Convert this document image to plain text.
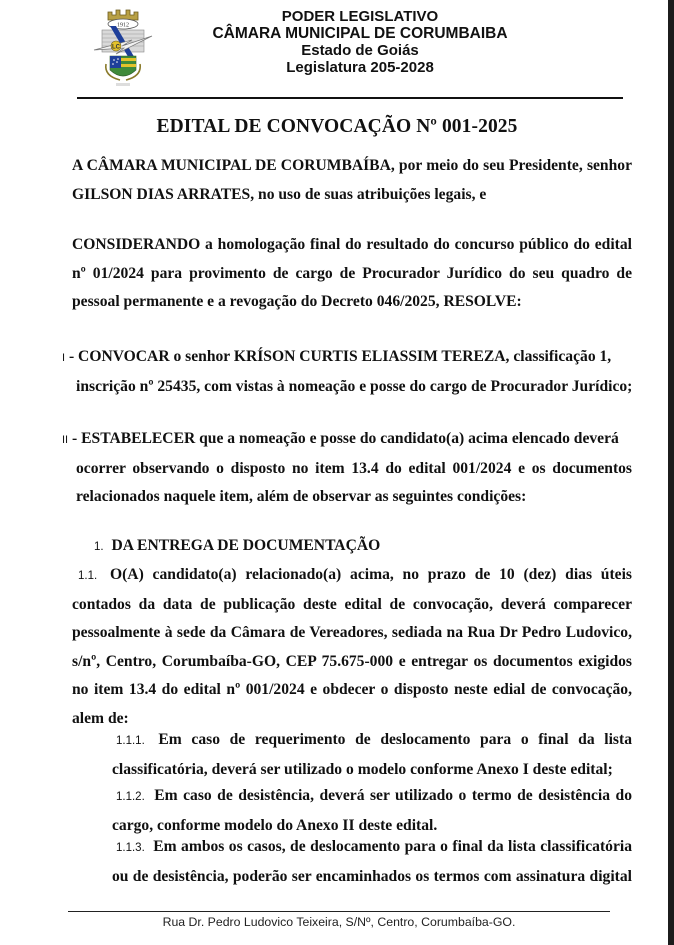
1912
LC
PODER LEGISLATIVO
CÂMARA MUNICIPAL DE CORUMBAIBA
Estado de Goiás
Legislatura 205-2028
EDITAL DE CONVOCAÇÃO Nº 001-2025
A CÂMARA MUNICIPAL DE CORUMBAÍBA, por meio do seu Presidente, senhor
GILSON DIAS ARRATES, no uso de suas atribuições legais, e
CONSIDERANDO a homologação final do resultado do concurso público do edital
nº 01/2024 para provimento de cargo de Procurador Jurídico do seu quadro de
pessoal permanente e a revogação do Decreto 046/2025, RESOLVE:
I - CONVOCAR o senhor KRÍSON CURTIS ELIASSIM TEREZA, classificação 1,
inscrição nº 25435, com vistas à nomeação e posse do cargo de Procurador Jurídico;
II - ESTABELECER que a nomeação e posse do candidato(a) acima elencado deverá
ocorrer observando o disposto no item 13.4 do edital 001/2024 e os documentos
relacionados naquele item, além de observar as seguintes condições:
1. DA ENTREGA DE DOCUMENTAÇÃO
1.1. O(A) candidato(a) relacionado(a) acima, no prazo de 10 (dez) dias úteis
contados da data de publicação deste edital de convocação, deverá comparecer
pessoalmente à sede da Câmara de Vereadores, sediada na Rua Dr Pedro Ludovico,
s/nº, Centro, Corumbaíba-GO, CEP 75.675-000 e entregar os documentos exigidos
no item 13.4 do edital nº 001/2024 e obdecer o disposto neste edial de convocação,
alem de:
1.1.1. Em caso de requerimento de deslocamento para o final da lista
classificatória, deverá ser utilizado o modelo conforme Anexo I deste edital;
1.1.2. Em caso de desistência, deverá ser utilizado o termo de desistência do
cargo, conforme modelo do Anexo II deste edital.
1.1.3. Em ambos os casos, de deslocamento para o final da lista classificatória
ou de desistência, poderão ser encaminhados os termos com assinatura digital
Rua Dr. Pedro Ludovico Teixeira, S/Nº, Centro, Corumbaíba-GO.
